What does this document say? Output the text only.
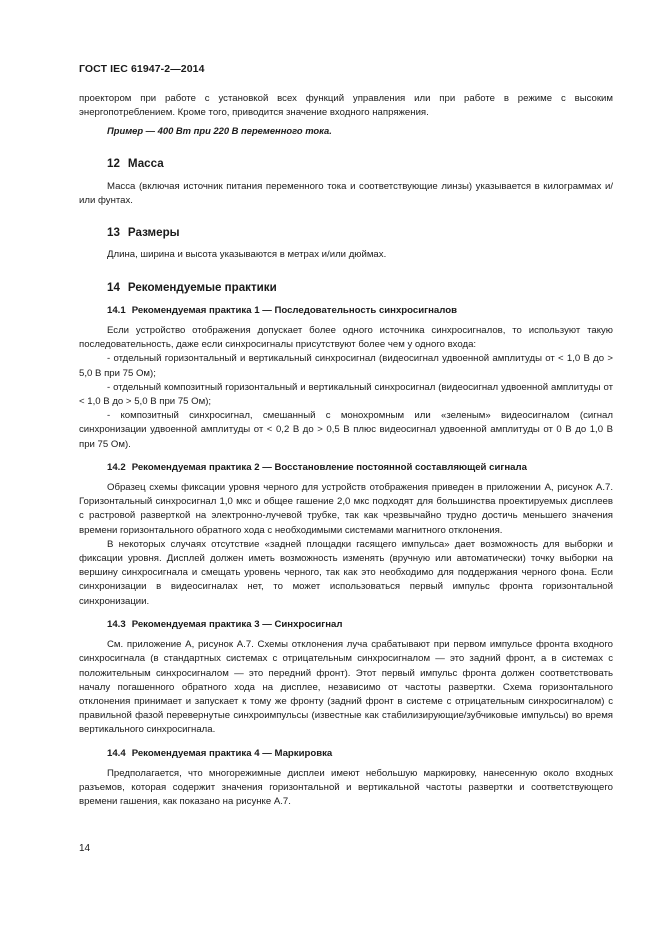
ГОСТ IEC 61947-2—2014

проектором при работе с установкой всех функций управления или при работе в режиме с высоким энергопотреблением. Кроме того, приводится значение входного напряжения.

Пример — 400 Вт при 220 В переменного тока.

12 Масса

Масса (включая источник питания переменного тока и соответствующие линзы) указывается в килограммах и/или фунтах.

13 Размеры

Длина, ширина и высота указываются в метрах и/или дюймах.

14 Рекомендуемые практики
14.1 Рекомендуемая практика 1 — Последовательность синхросигналов

Если устройство отображения допускает более одного источника синхросигналов, то используют такую последовательность, даже если синхросигналы присутствуют более чем у одного входа:

- отдельный горизонтальный и вертикальный синхросигнал (видеосигнал удвоенной амплитуды от < 1,0 В до > 5,0 В при 75 Ом);

- отдельный композитный горизонтальный и вертикальный синхросигнал (видеосигнал удвоенной амплитуды от < 1,0 В до > 5,0 В при 75 Ом);

- композитный синхросигнал, смешанный с монохромным или «зеленым» видеосигналом (сигнал синхронизации удвоенной амплитуды от < 0,2 В до > 0,5 В плюс видеосигнал удвоенной амплитуды от 0 В до 1,0 В при 75 Ом).

14.2 Рекомендуемая практика 2 — Восстановление постоянной составляющей сигнала

Образец схемы фиксации уровня черного для устройств отображения приведен в приложении А, рисунок А.7. Горизонтальный синхросигнал 1,0 мкс и общее гашение 2,0 мкс подходят для большинства проектируемых дисплеев с растровой разверткой на электронно-лучевой трубке, так как чрезвычайно трудно достичь меньшего значения времени горизонтального обратного хода с необходимыми системами магнитного отклонения.

В некоторых случаях отсутствие «задней площадки гасящего импульса» дает возможность для выборки и фиксации уровня. Дисплей должен иметь возможность изменять (вручную или автоматически) точку выборки на вершину синхросигнала и смещать уровень черного, так как это необходимо для поддержания черного фона. Если синхронизации в видеосигналах нет, то может использоваться первый импульс фронта горизонтальной синхронизации.

14.3 Рекомендуемая практика 3 — Синхросигнал

См. приложение А, рисунок А.7. Схемы отклонения луча срабатывают при первом импульсе фронта входного синхросигнала (в стандартных системах с отрицательным синхросигналом — это задний фронт, а в системах с положительным синхросигналом — это передний фронт). Этот первый импульс фронта должен соответствовать началу погашенного обратного хода на дисплее, независимо от частоты развертки. Схема горизонтального отклонения принимает и запускает к тому же фронту (задний фронт в системе с отрицательным синхросигналом) с правильной фазой перевернутые синхроимпульсы (известные как стабилизирующие/зубчиковые импульсы) во время вертикального синхросигнала.

14.4 Рекомендуемая практика 4 — Маркировка

Предполагается, что многорежимные дисплеи имеют небольшую маркировку, нанесенную около входных разъемов, которая содержит значения горизонтальной и вертикальной частоты развертки и соответствующего времени гашения, как показано на рисунке А.7.

14
